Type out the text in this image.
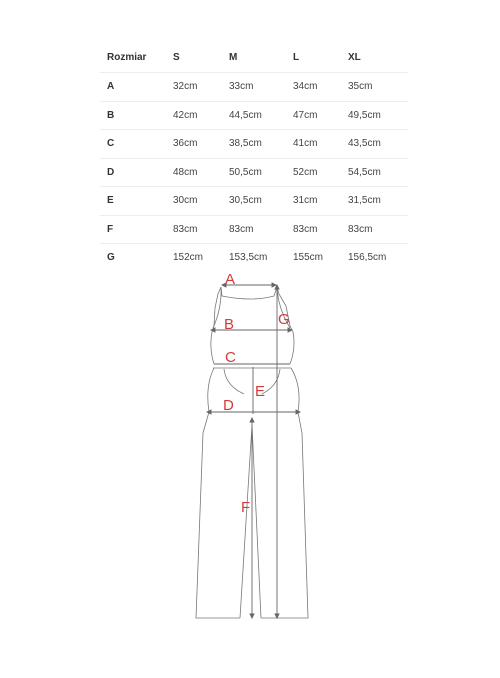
Rozmiar	S	M	L	XL
A	32cm	33cm	34cm	35cm
B	42cm	44,5cm	47cm	49,5cm
C	36cm	38,5cm	41cm	43,5cm
D	48cm	50,5cm	52cm	54,5cm
E	30cm	30,5cm	31cm	31,5cm
F	83cm	83cm	83cm	83cm
G	152cm	153,5cm	155cm 156,5cm
A
B
C
D
E
F
G
